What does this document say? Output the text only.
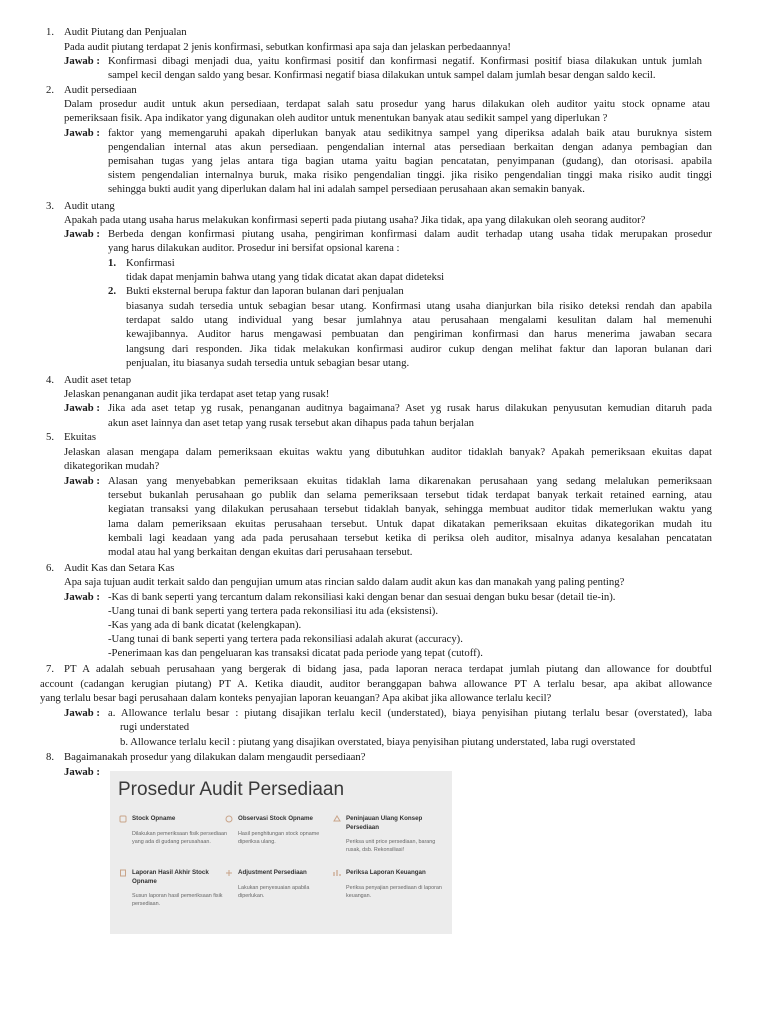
1. Audit Piutang dan Penjualan
Pada audit piutang terdapat 2 jenis konfirmasi, sebutkan konfirmasi apa saja dan jelaskan perbedaannya!
Jawab : Konfirmasi dibagi menjadi dua, yaitu konfirmasi positif dan konfirmasi negatif. Konfirmasi positif biasa dilakukan untuk jumlah
sampel kecil dengan saldo yang besar. Konfirmasi negatif biasa dilakukan untuk sampel dalam jumlah besar dengan saldo kecil.
2. Audit persediaan
Dalam prosedur audit untuk akun persediaan, terdapat salah satu prosedur yang harus dilakukan oleh auditor yaitu stock opname atau
pemeriksaan fisik. Apa indikator yang digunakan oleh auditor untuk menentukan banyak atau sedikit sampel yang diperlukan ?
Jawab : faktor yang memengaruhi apakah diperlukan banyak atau sedikitnya sampel yang diperiksa adalah baik atau buruknya sistem
pengendalian internal atas akun persediaan. pengendalian internal atas persediaan berkaitan dengan adanya pembagian dan
pemisahan tugas yang jelas antara tiga bagian utama yaitu bagian pencatatan, penyimpanan (gudang), dan otorisasi. apabila
sistem pengendalian internalnya buruk, maka risiko pengendalian tinggi. jika risiko pengendalian tinggi maka risiko audit tinggi
sehingga bukti audit yang diperlukan dalam hal ini adalah sampel persediaan perusahaan akan semakin banyak.
3. Audit utang
Apakah pada utang usaha harus melakukan konfirmasi seperti pada piutang usaha? Jika tidak, apa yang dilakukan oleh seorang auditor?
Jawab : Berbeda dengan konfirmasi piutang usaha, pengiriman konfirmasi dalam audit terhadap utang usaha tidak merupakan prosedur
yang harus dilakukan auditor. Prosedur ini bersifat opsional karena :
1. Konfirmasi
tidak dapat menjamin bahwa utang yang tidak dicatat akan dapat dideteksi
2. Bukti eksternal berupa faktur dan laporan bulanan dari penjualan
biasanya sudah tersedia untuk sebagian besar utang. Konfirmasi utang usaha dianjurkan bila risiko deteksi rendah dan apabila
terdapat saldo utang individual yang besar jumlahnya atau perusahaan mengalami kesulitan dalam hal memenuhi
kewajibannya. Auditor harus mengawasi pembuatan dan pengiriman konfirmasi dan harus menerima jawaban secara
langsung dari responden. Jika tidak melakukan konfirmasi audiror cukup dengan melihat faktur dan laporan bulanan dari
penjualan, itu biasanya sudah tersedia untuk sebagian besar utang.
4. Audit aset tetap
Jelaskan penanganan audit jika terdapat aset tetap yang rusak!
Jawab : Jika ada aset tetap yg rusak, penanganan auditnya bagaimana? Aset yg rusak harus dilakukan penyusutan kemudian ditaruh pada
akun aset lainnya dan aset tetap yang rusak tersebut akan dihapus pada tahun berjalan
5. Ekuitas
Jelaskan alasan mengapa dalam pemeriksaan ekuitas waktu yang dibutuhkan auditor tidaklah banyak? Apakah pemeriksaan ekuitas dapat
dikategorikan mudah?
Jawab : Alasan yang menyebabkan pemeriksaan ekuitas tidaklah lama dikarenakan perusahaan yang sedang melalukan pemeriksaan
tersebut bukanlah perusahaan go publik dan selama pemeriksaan tersebut tidak terdapat banyak terkait retained earning, atau
kegiatan transaksi yang dilakukan perusahaan tersebut tidaklah banyak, sehingga membuat auditor tidak memerlukan waktu yang
lama dalam pemeriksaan ekuitas perusahaan tersebut. Untuk dapat dikatakan pemeriksaan ekuitas dikategorikan mudah itu
kembali lagi keadaan yang ada pada perusahaan tersebut ketika di periksa oleh auditor, misalnya adanya kesalahan pencatatan
modal atau hal yang berkaitan dengan ekuitas dari perusahaan tersebut.
6. Audit Kas dan Setara Kas
Apa saja tujuan audit terkait saldo dan pengujian umum atas rincian saldo dalam audit akun kas dan manakah yang paling penting?
Jawab : -Kas di bank seperti yang tercantum dalam rekonsiliasi kaki dengan benar dan sesuai dengan buku besar (detail tie-in).
-Uang tunai di bank seperti yang tertera pada rekonsiliasi itu ada (eksistensi).
-Kas yang ada di bank dicatat (kelengkapan).
-Uang tunai di bank seperti yang tertera pada rekonsiliasi adalah akurat (accuracy).
-Penerimaan kas dan pengeluaran kas transaksi dicatat pada periode yang tepat (cutoff).
7. PT A adalah sebuah perusahaan yang bergerak di bidang jasa, pada laporan neraca terdapat jumlah piutang dan allowance for doubtful
account (cadangan kerugian piutang) PT A. Ketika diaudit, auditor beranggapan bahwa allowance PT A terlalu besar, apa akibat allowance
yang terlalu besar bagi perusahaan dalam konteks penyajian laporan keuangan? Apa akibat jika allowance terlalu kecil?
Jawab : a. Allowance terlalu besar : piutang disajikan terlalu kecil (understated), biaya penyisihan piutang terlalu besar (overstated), laba
rugi understated
b. Allowance terlalu kecil : piutang yang disajikan overstated, biaya penyisihan piutang understated, laba rugi overstated
8. Bagaimanakah prosedur yang dilakukan dalam mengaudit persediaan?
Jawab :
Prosedur Audit Persediaan
Stock Opname
Dilakukan pemeriksaan fisik persediaan yang ada di gudang perusahaan.
Observasi Stock Opname
Hasil penghitungan stock opname diperiksa ulang.
Peninjauan Ulang Konsep Persediaan
Periksa unit price persediaan, barang rusak, dsb. Rekonsiliasi!
Laporan Hasil Akhir Stock Opname
Susun laporan hasil pemeriksaan fisik persediaan.
Adjustment Persediaan
Lakukan penyesuaian apabila diperlukan.
Periksa Laporan Keuangan
Periksa penyajian persediaan di laporan keuangan.
